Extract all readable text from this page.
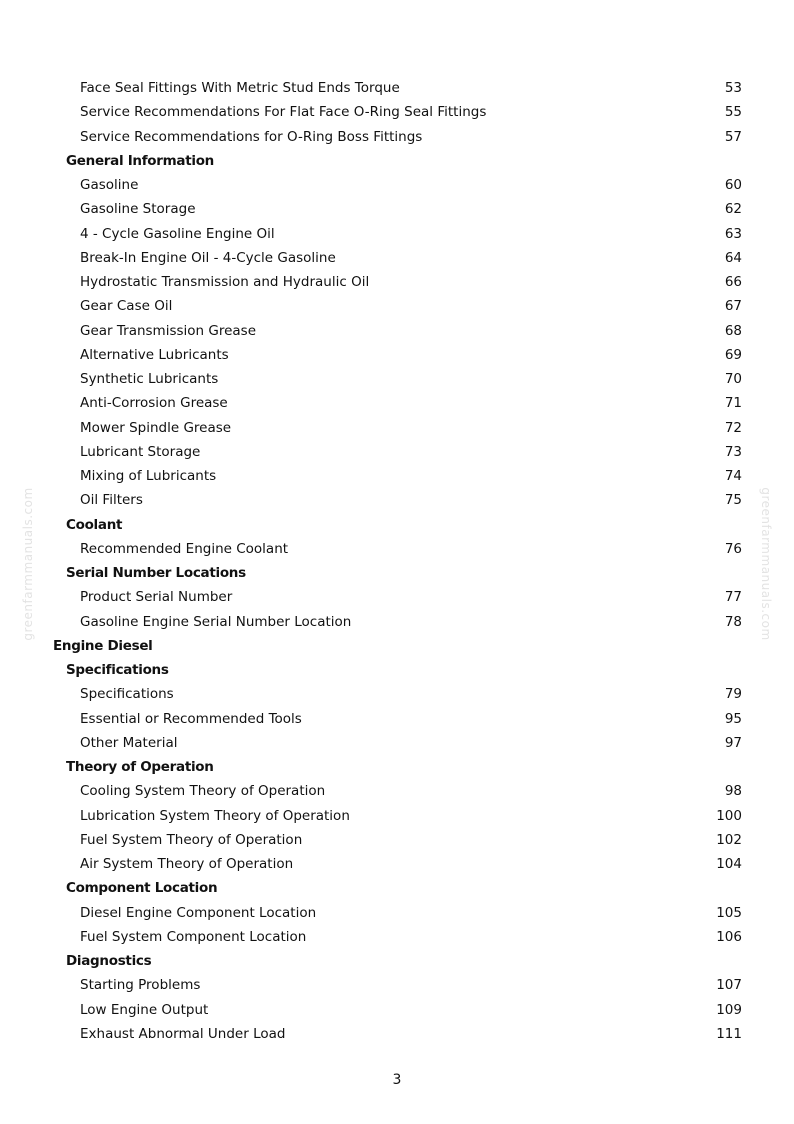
greenfarmmanuals.com	greenfarmmanuals.com
Face Seal Fittings With Metric Stud Ends Torque	53
Service Recommendations For Flat Face O-Ring Seal Fittings	55
Service Recommendations for O-Ring Boss Fittings	57
General Information
Gasoline	60
Gasoline Storage	62
4 - Cycle Gasoline Engine Oil	63
Break-In Engine Oil - 4-Cycle Gasoline	64
Hydrostatic Transmission and Hydraulic Oil	66
Gear Case Oil	67
Gear Transmission Grease	68
Alternative Lubricants	69
Synthetic Lubricants	70
Anti-Corrosion Grease	71
Mower Spindle Grease	72
Lubricant Storage	73
Mixing of Lubricants	74
Oil Filters	75
Coolant
Recommended Engine Coolant	76
Serial Number Locations
Product Serial Number	77
Gasoline Engine Serial Number Location	78
Engine Diesel
Specifications
Specifications	79
Essential or Recommended Tools	95
Other Material	97
Theory of Operation
Cooling System Theory of Operation	98
Lubrication System Theory of Operation	100
Fuel System Theory of Operation	102
Air System Theory of Operation	104
Component Location
Diesel Engine Component Location	105
Fuel System Component Location	106
Diagnostics
Starting Problems	107
Low Engine Output	109
Exhaust Abnormal Under Load	111
3
